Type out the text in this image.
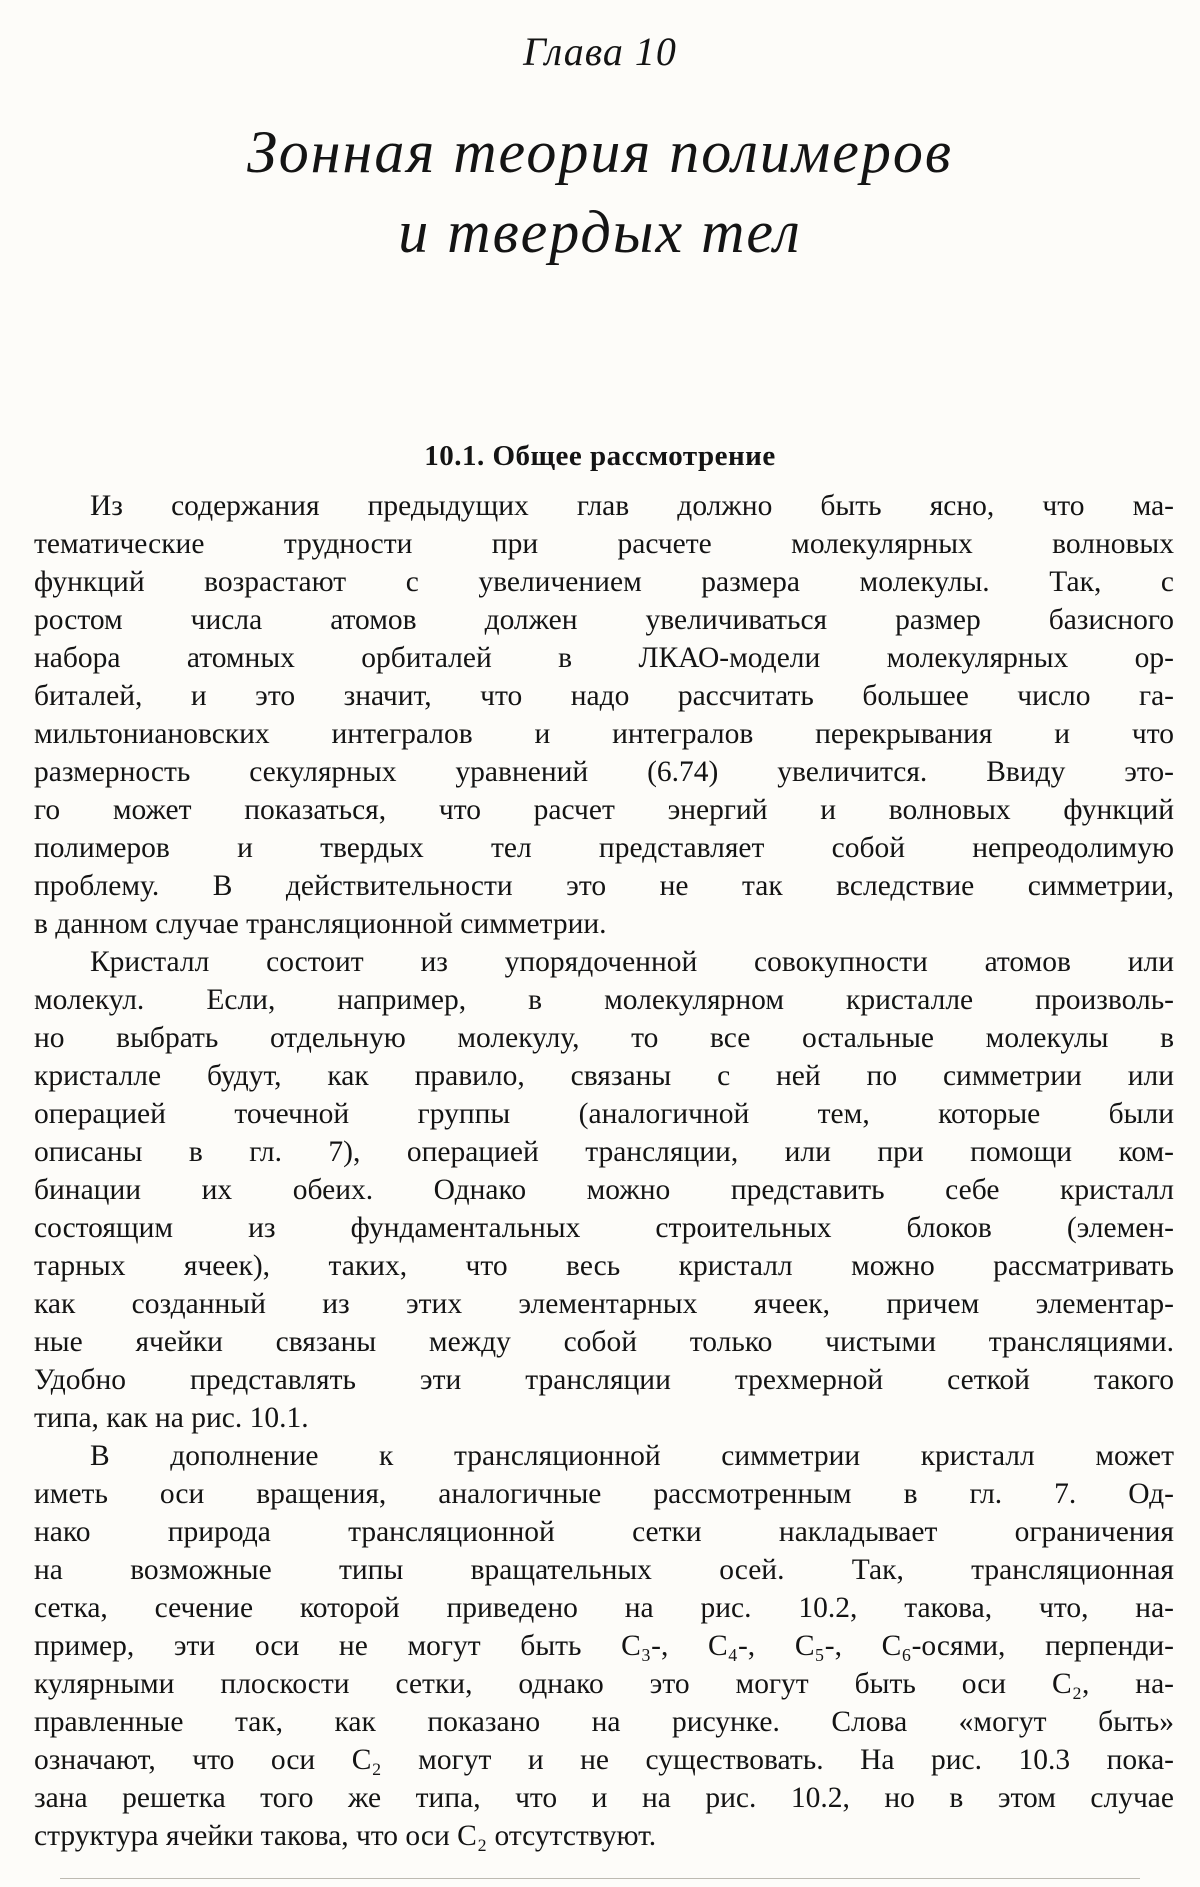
Глава 10
Зонная теория полимеров
и твердых тел
10.1. Общее рассмотрение
Из содержания предыдущих глав должно быть ясно, что ма-
тематические трудности при расчете молекулярных волновых
функций возрастают с увеличением размера молекулы. Так, с
ростом числа атомов должен увеличиваться размер базисного
набора атомных орбиталей в ЛКАО-модели молекулярных ор-
биталей, и это значит, что надо рассчитать большее число га-
мильтонианoвских интегралов и интегралов перекрывания и что
размерность секулярных уравнений (6.74) увеличится. Ввиду это-
го может показаться, что расчет энергий и волновых функций
полимеров и твердых тел представляет собой непреодолимую
проблему. В действительности это не так вследствие симметрии,
в данном случае трансляционной симметрии.
Кристалл состоит из упорядоченной совокупности атомов или
молекул. Если, например, в молекулярном кристалле произволь-
но выбрать отдельную молекулу, то все остальные молекулы в
кристалле будут, как правило, связаны с ней по симметрии или
операцией точечной группы (аналогичной тем, которые были
описаны в гл. 7), операцией трансляции, или при помощи ком-
бинации их обеих. Однако можно представить себе кристалл
состоящим из фундаментальных строительных блоков (элемен-
тарных ячеек), таких, что весь кристалл можно рассматривать
как созданный из этих элементарных ячеек, причем элементар-
ные ячейки связаны между собой только чистыми трансляциями.
Удобно представлять эти трансляции трехмерной сеткой такого
типа, как на рис. 10.1.
В дополнение к трансляционной симметрии кристалл может
иметь оси вращения, аналогичные рассмотренным в гл. 7. Од-
нако природа трансляционной сетки накладывает ограничения
на возможные типы вращательных осей. Так, трансляционная
сетка, сечение которой приведено на рис. 10.2, такова, что, на-
пример, эти оси не могут быть C₃-, C₄-, C₅-, C₆-осями, перпенди-
кулярными плоскости сетки, однако это могут быть оси C₂, на-
правленные так, как показано на рисунке. Слова «могут быть»
означают, что оси C₂ могут и не существовать. На рис. 10.3 пока-
зана решетка того же типа, что и на рис. 10.2, но в этом случае
структура ячейки такова, что оси C₂ отсутствуют.
